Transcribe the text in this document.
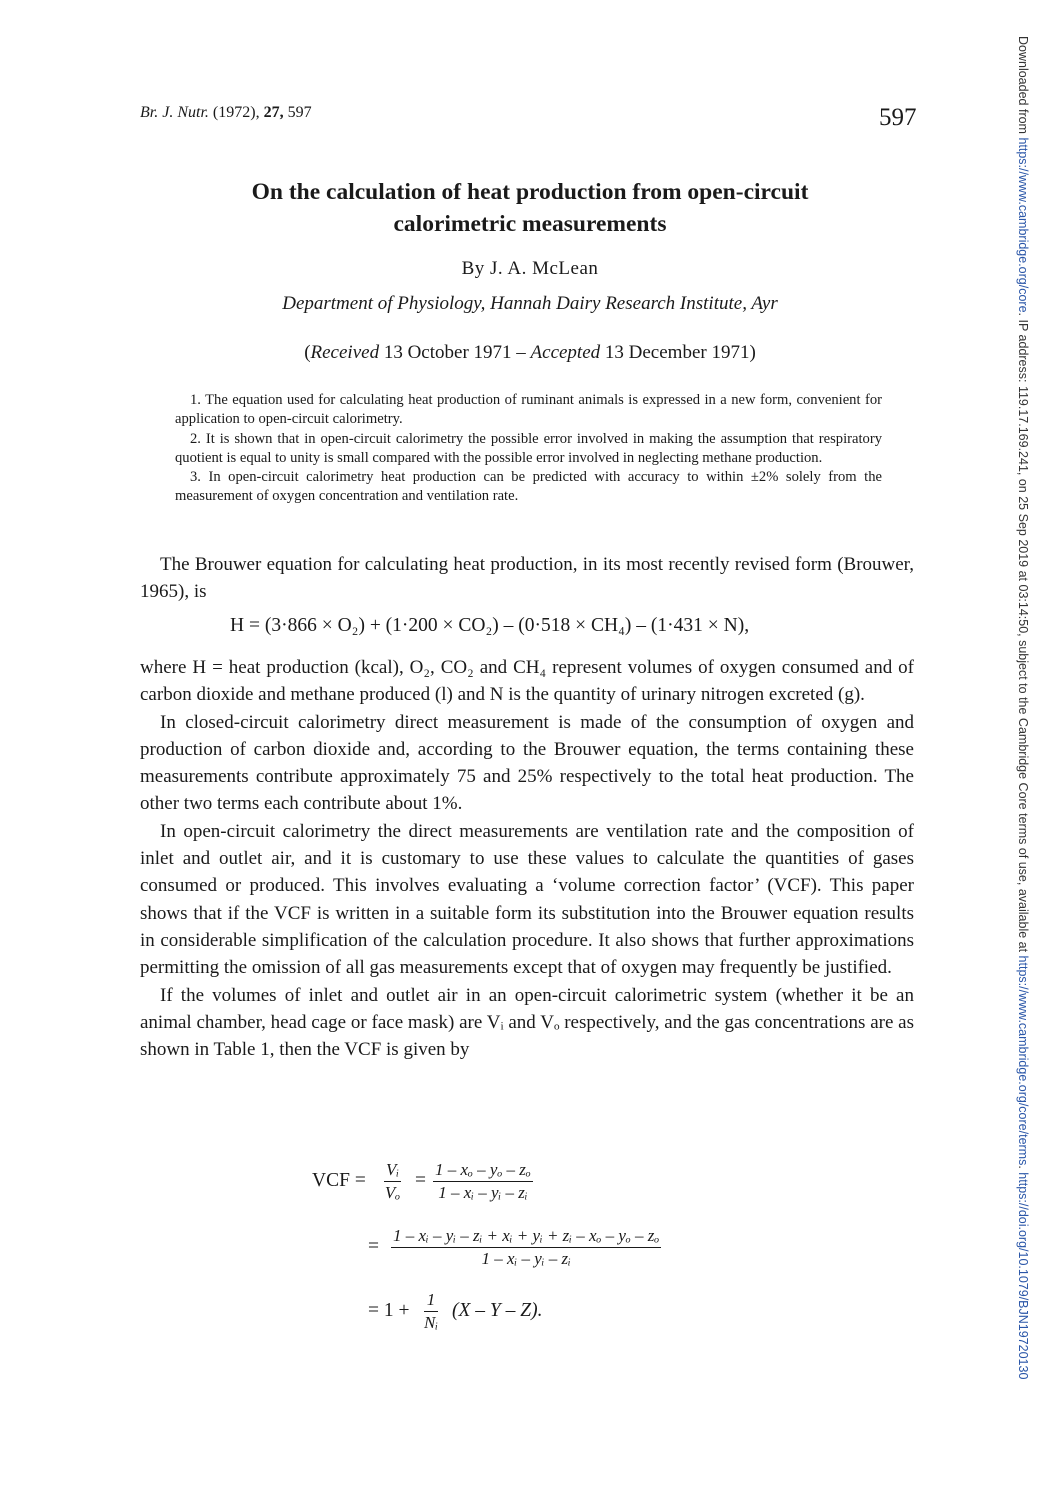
Br. J. Nutr. (1972), 27, 597	597
On the calculation of heat production from open-circuit
calorimetric measurements
By J. A. McLean
Department of Physiology, Hannah Dairy Research Institute, Ayr
(Received 13 October 1971 – Accepted 13 December 1971)

1. The equation used for calculating heat production of ruminant animals is expressed in a new form, convenient for application to open-circuit calorimetry.

2. It is shown that in open-circuit calorimetry the possible error involved in making the assumption that respiratory quotient is equal to unity is small compared with the possible error involved in neglecting methane production.

3. In open-circuit calorimetry heat production can be predicted with accuracy to within ±2% solely from the measurement of oxygen concentration and ventilation rate.

The Brouwer equation for calculating heat production, in its most recently revised form (Brouwer, 1965), is

H = (3·866 × O₂) + (1·200 × CO₂) – (0·518 × CH₄) – (1·431 × N),

where H = heat production (kcal), O₂, CO₂ and CH₄ represent volumes of oxygen consumed and of carbon dioxide and methane produced (l) and N is the quantity of urinary nitrogen excreted (g).

In closed-circuit calorimetry direct measurement is made of the consumption of oxygen and production of carbon dioxide and, according to the Brouwer equation, the terms containing these measurements contribute approximately 75 and 25% respectively to the total heat production. The other two terms each contribute about 1%.

In open-circuit calorimetry the direct measurements are ventilation rate and the composition of inlet and outlet air, and it is customary to use these values to calculate the quantities of gases consumed or produced. This involves evaluating a ‘volume correction factor’ (VCF). This paper shows that if the VCF is written in a suitable form its substitution into the Brouwer equation results in considerable simplification of the calculation procedure. It also shows that further approximations permitting the omission of all gas measurements except that of oxygen may frequently be justified.

If the volumes of inlet and outlet air in an open-circuit calorimetric system (whether it be an animal chamber, head cage or face mask) are Vᵢ and Vₒ respectively, and the gas concentrations are as shown in Table 1, then the VCF is given by

VCF = $\frac{\text{Vᵢ}}{\text{Vₒ}} = \frac{\text{1 – xₒ – yₒ – zₒ}}{\text{1 – xᵢ – yᵢ – zᵢ}}$
= $\frac{\text{1 – xᵢ – yᵢ – zᵢ + xᵢ + yᵢ + zᵢ – xₒ – yₒ – zₒ}}{\text{1 – xᵢ – yᵢ – zᵢ}}$
= $1 + \frac{1}{\text{Nᵢ}} (X - Y - Z)$.
Downloaded from https://www.cambridge.org/core. IP address: 119.17.169.241, on 25 Sep 2019 at 03:14:50, subject to the Cambridge Core terms of use, available at https://www.cambridge.org/core/terms. https://doi.org/10.1079/BJN19720130
